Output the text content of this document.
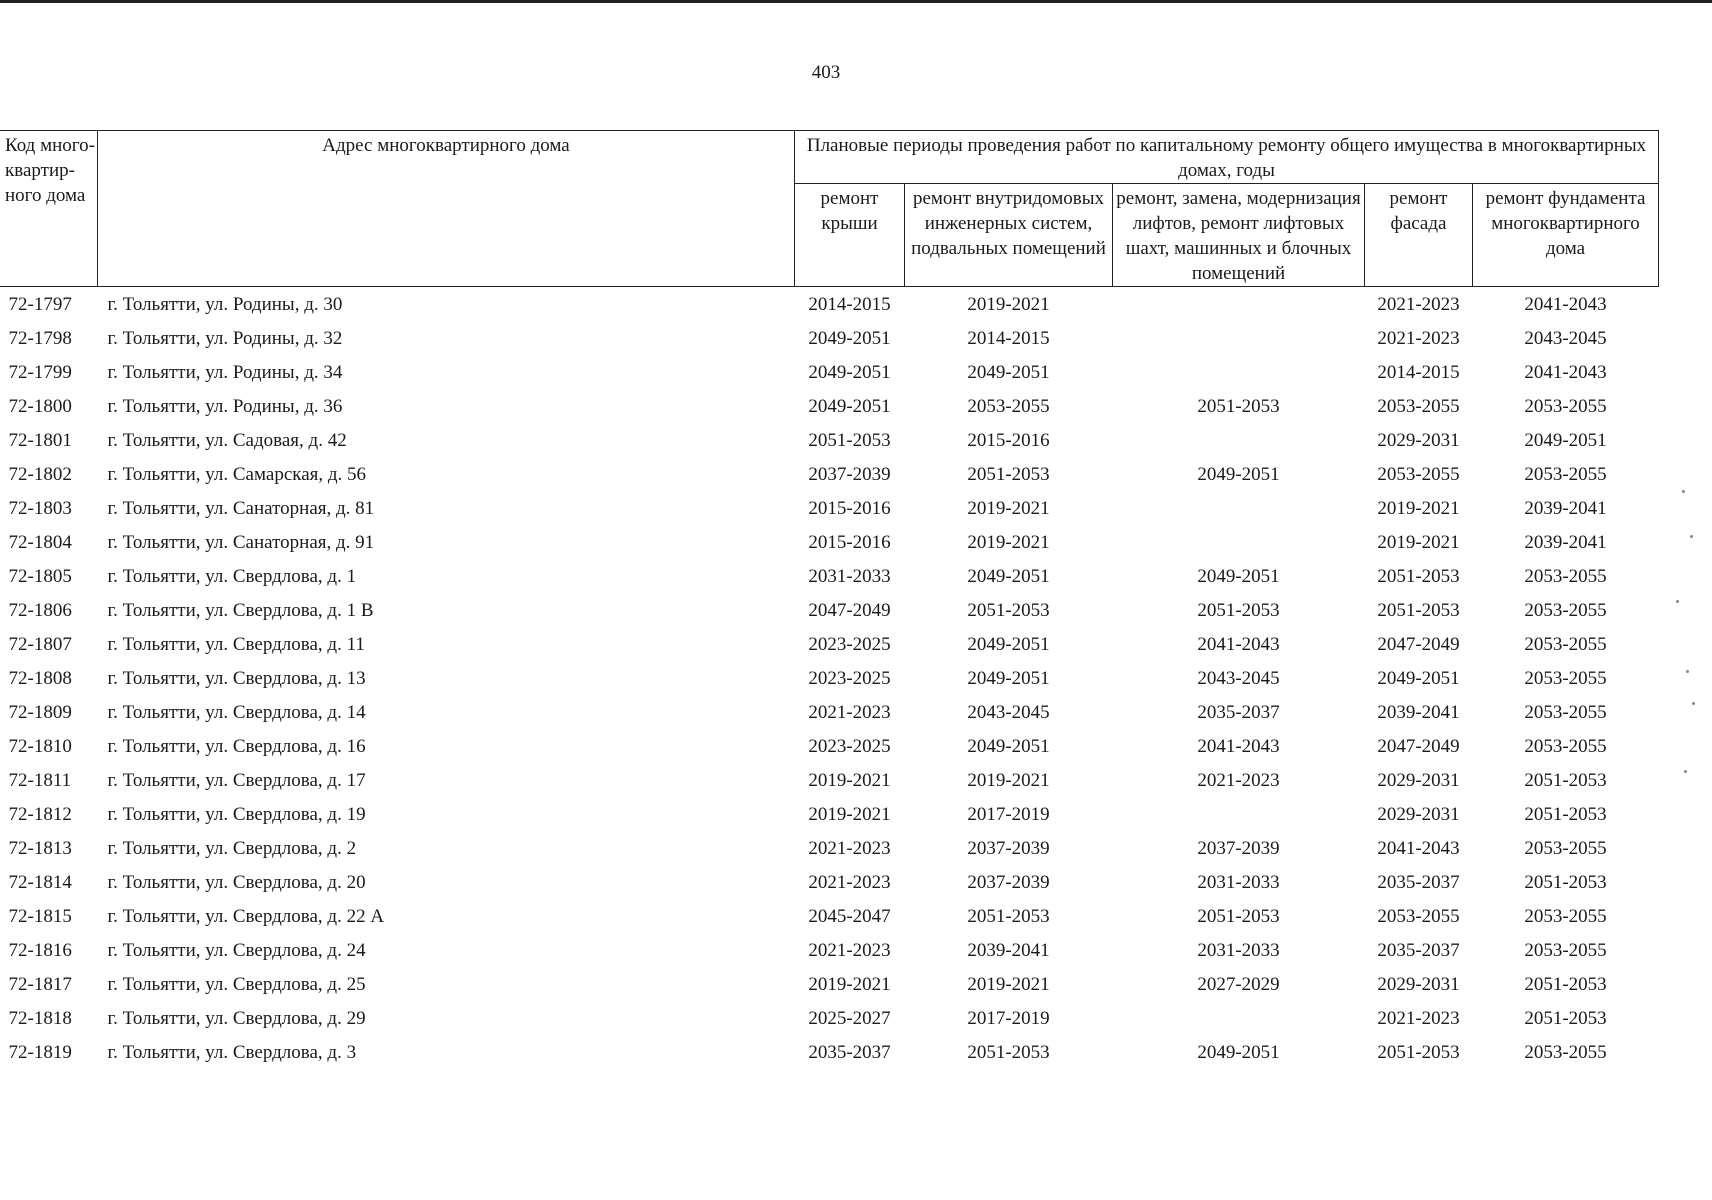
403
Код много-квартир-ного дома	Адрес многоквартирного дома	Плановые периоды проведения работ по капитальному ремонту общего имущества в многоквартирных домах, годы				
		ремонт крыши	ремонт внутридомовых инженерных систем, подвальных помещений	ремонт, замена, модернизация лифтов, ремонт лифтовых шахт, машинных и блочных помещений	ремонт фасада	ремонт фундамента многоквартирного дома
72-1797	г. Тольятти, ул. Родины, д. 30	2014-2015	2019-2021		2021-2023	2041-2043
72-1798	г. Тольятти, ул. Родины, д. 32	2049-2051	2014-2015		2021-2023	2043-2045
72-1799	г. Тольятти, ул. Родины, д. 34	2049-2051	2049-2051		2014-2015	2041-2043
72-1800	г. Тольятти, ул. Родины, д. 36	2049-2051	2053-2055	2051-2053	2053-2055	2053-2055
72-1801	г. Тольятти, ул. Садовая, д. 42	2051-2053	2015-2016		2029-2031	2049-2051
72-1802	г. Тольятти, ул. Самарская, д. 56	2037-2039	2051-2053	2049-2051	2053-2055	2053-2055
72-1803	г. Тольятти, ул. Санаторная, д. 81	2015-2016	2019-2021		2019-2021	2039-2041
72-1804	г. Тольятти, ул. Санаторная, д. 91	2015-2016	2019-2021		2019-2021	2039-2041
72-1805	г. Тольятти, ул. Свердлова, д. 1	2031-2033	2049-2051	2049-2051	2051-2053	2053-2055
72-1806	г. Тольятти, ул. Свердлова, д. 1 В	2047-2049	2051-2053	2051-2053	2051-2053	2053-2055
72-1807	г. Тольятти, ул. Свердлова, д. 11	2023-2025	2049-2051	2041-2043	2047-2049	2053-2055
72-1808	г. Тольятти, ул. Свердлова, д. 13	2023-2025	2049-2051	2043-2045	2049-2051	2053-2055
72-1809	г. Тольятти, ул. Свердлова, д. 14	2021-2023	2043-2045	2035-2037	2039-2041	2053-2055
72-1810	г. Тольятти, ул. Свердлова, д. 16	2023-2025	2049-2051	2041-2043	2047-2049	2053-2055
72-1811	г. Тольятти, ул. Свердлова, д. 17	2019-2021	2019-2021	2021-2023	2029-2031	2051-2053
72-1812	г. Тольятти, ул. Свердлова, д. 19	2019-2021	2017-2019		2029-2031	2051-2053
72-1813	г. Тольятти, ул. Свердлова, д. 2	2021-2023	2037-2039	2037-2039	2041-2043	2053-2055
72-1814	г. Тольятти, ул. Свердлова, д. 20	2021-2023	2037-2039	2031-2033	2035-2037	2051-2053
72-1815	г. Тольятти, ул. Свердлова, д. 22 А	2045-2047	2051-2053	2051-2053	2053-2055	2053-2055
72-1816	г. Тольятти, ул. Свердлова, д. 24	2021-2023	2039-2041	2031-2033	2035-2037	2053-2055
72-1817	г. Тольятти, ул. Свердлова, д. 25	2019-2021	2019-2021	2027-2029	2029-2031	2051-2053
72-1818	г. Тольятти, ул. Свердлова, д. 29	2025-2027	2017-2019		2021-2023	2051-2053
72-1819	г. Тольятти, ул. Свердлова, д. 3	2035-2037	2051-2053	2049-2051	2051-2053	2053-2055
